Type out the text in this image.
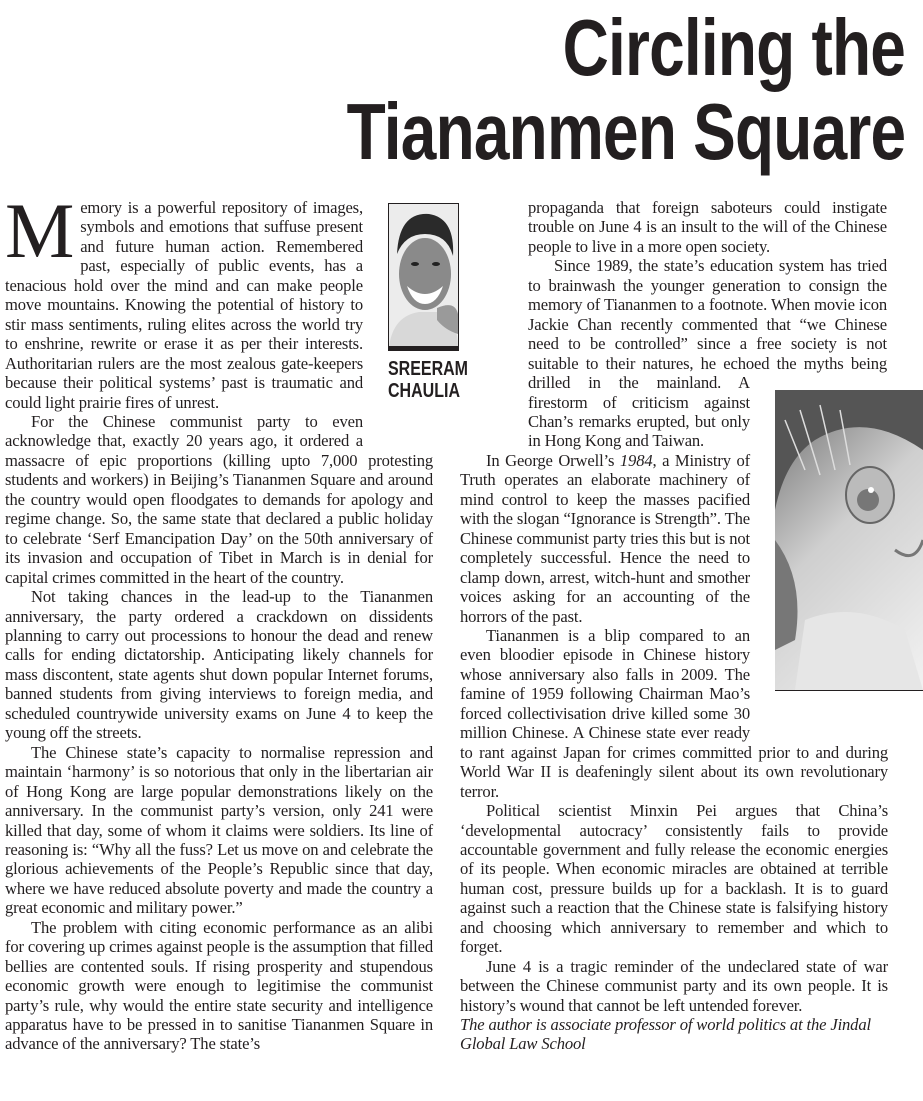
Circling the
Tiananmen Square
SREERAM
CHAULIA

Memory is a powerful repository of images, symbols and emotions that suffuse present and future human action. Remembered past, especially of public events, has a tenacious hold over the mind and can make people move mountains. Knowing the potential of history to stir mass sentiments, ruling elites across the world try to enshrine, rewrite or erase it as per their interests. Authoritarian rulers are the most zealous gate-keepers because their political systems’ past is traumatic and could light prairie fires of unrest.

For the Chinese communist party to even acknowledge that, exactly 20 years ago, it ordered a massacre of epic proportions (killing upto 7,000 protesting students and workers) in Beijing’s Tiananmen Square and around the country would open floodgates to demands for apology and regime change. So, the same state that declared a public holiday to celebrate ‘Serf Emancipation Day’ on the 50th anniversary of its invasion and occupation of Tibet in March is in denial for capital crimes committed in the heart of the country.

Not taking chances in the lead-up to the Tiananmen anniversary, the party ordered a crackdown on dissidents planning to carry out processions to honour the dead and renew calls for ending dictatorship. Anticipating likely channels for mass discontent, state agents shut down popular Internet forums, banned students from giving interviews to foreign media, and scheduled countrywide university exams on June 4 to keep the young off the streets.

The Chinese state’s capacity to normalise repression and maintain ‘harmony’ is so notorious that only in the libertarian air of Hong Kong are large popular demonstrations likely on the anniversary. In the communist party’s version, only 241 were killed that day, some of whom it claims were soldiers. Its line of reasoning is: “Why all the fuss? Let us move on and celebrate the glorious achievements of the People’s Republic since that day, where we have reduced absolute poverty and made the country a great economic and military power.”

The problem with citing economic performance as an alibi for covering up crimes against people is the assumption that filled bellies are contented souls. If rising prosperity and stupendous economic growth were enough to legitimise the communist party’s rule, why would the entire state security and intelligence apparatus have to be pressed in to sanitise Tiananmen Square in advance of the anniversary? The state’s

propaganda that foreign saboteurs could instigate trouble on June 4 is an insult to the will of the Chinese people to live in a more open society.

Since 1989, the state’s education system has tried to brainwash the younger generation to consign the memory of Tiananmen to a footnote. When movie icon Jackie Chan recently commented that “we Chinese need to be controlled” since a free society is not suitable to their natures, he echoed the myths being drilled in the mainland. A firestorm of criticism against Chan’s remarks erupted, but only in Hong Kong and Taiwan.

In George Orwell’s 1984, a Ministry of Truth operates an elaborate machinery of mind control to keep the masses pacified with the slogan “Ignorance is Strength”. The Chinese communist party tries this but is not completely successful. Hence the need to clamp down, arrest, witch-hunt and smother voices asking for an accounting of the horrors of the past.

Tiananmen is a blip compared to an even bloodier episode in Chinese history whose anniversary also falls in 2009. The famine of 1959 following Chairman Mao’s forced collectivisation drive killed some 30 million Chinese. A Chinese state ever ready to rant against Japan for crimes committed prior to and during World War II is deafeningly silent about its own revolutionary terror.

Political scientist Minxin Pei argues that China’s ‘developmental autocracy’ consistently fails to provide accountable government and fully release the economic energies of its people. When economic miracles are obtained at terrible human cost, pressure builds up for a backlash. It is to guard against such a reaction that the Chinese state is falsifying history and choosing which anniversary to remember and which to forget.

June 4 is a tragic reminder of the undeclared state of war between the Chinese communist party and its own people. It is history’s wound that cannot be left untended forever.

The author is associate professor of world politics at the Jindal Global Law School
